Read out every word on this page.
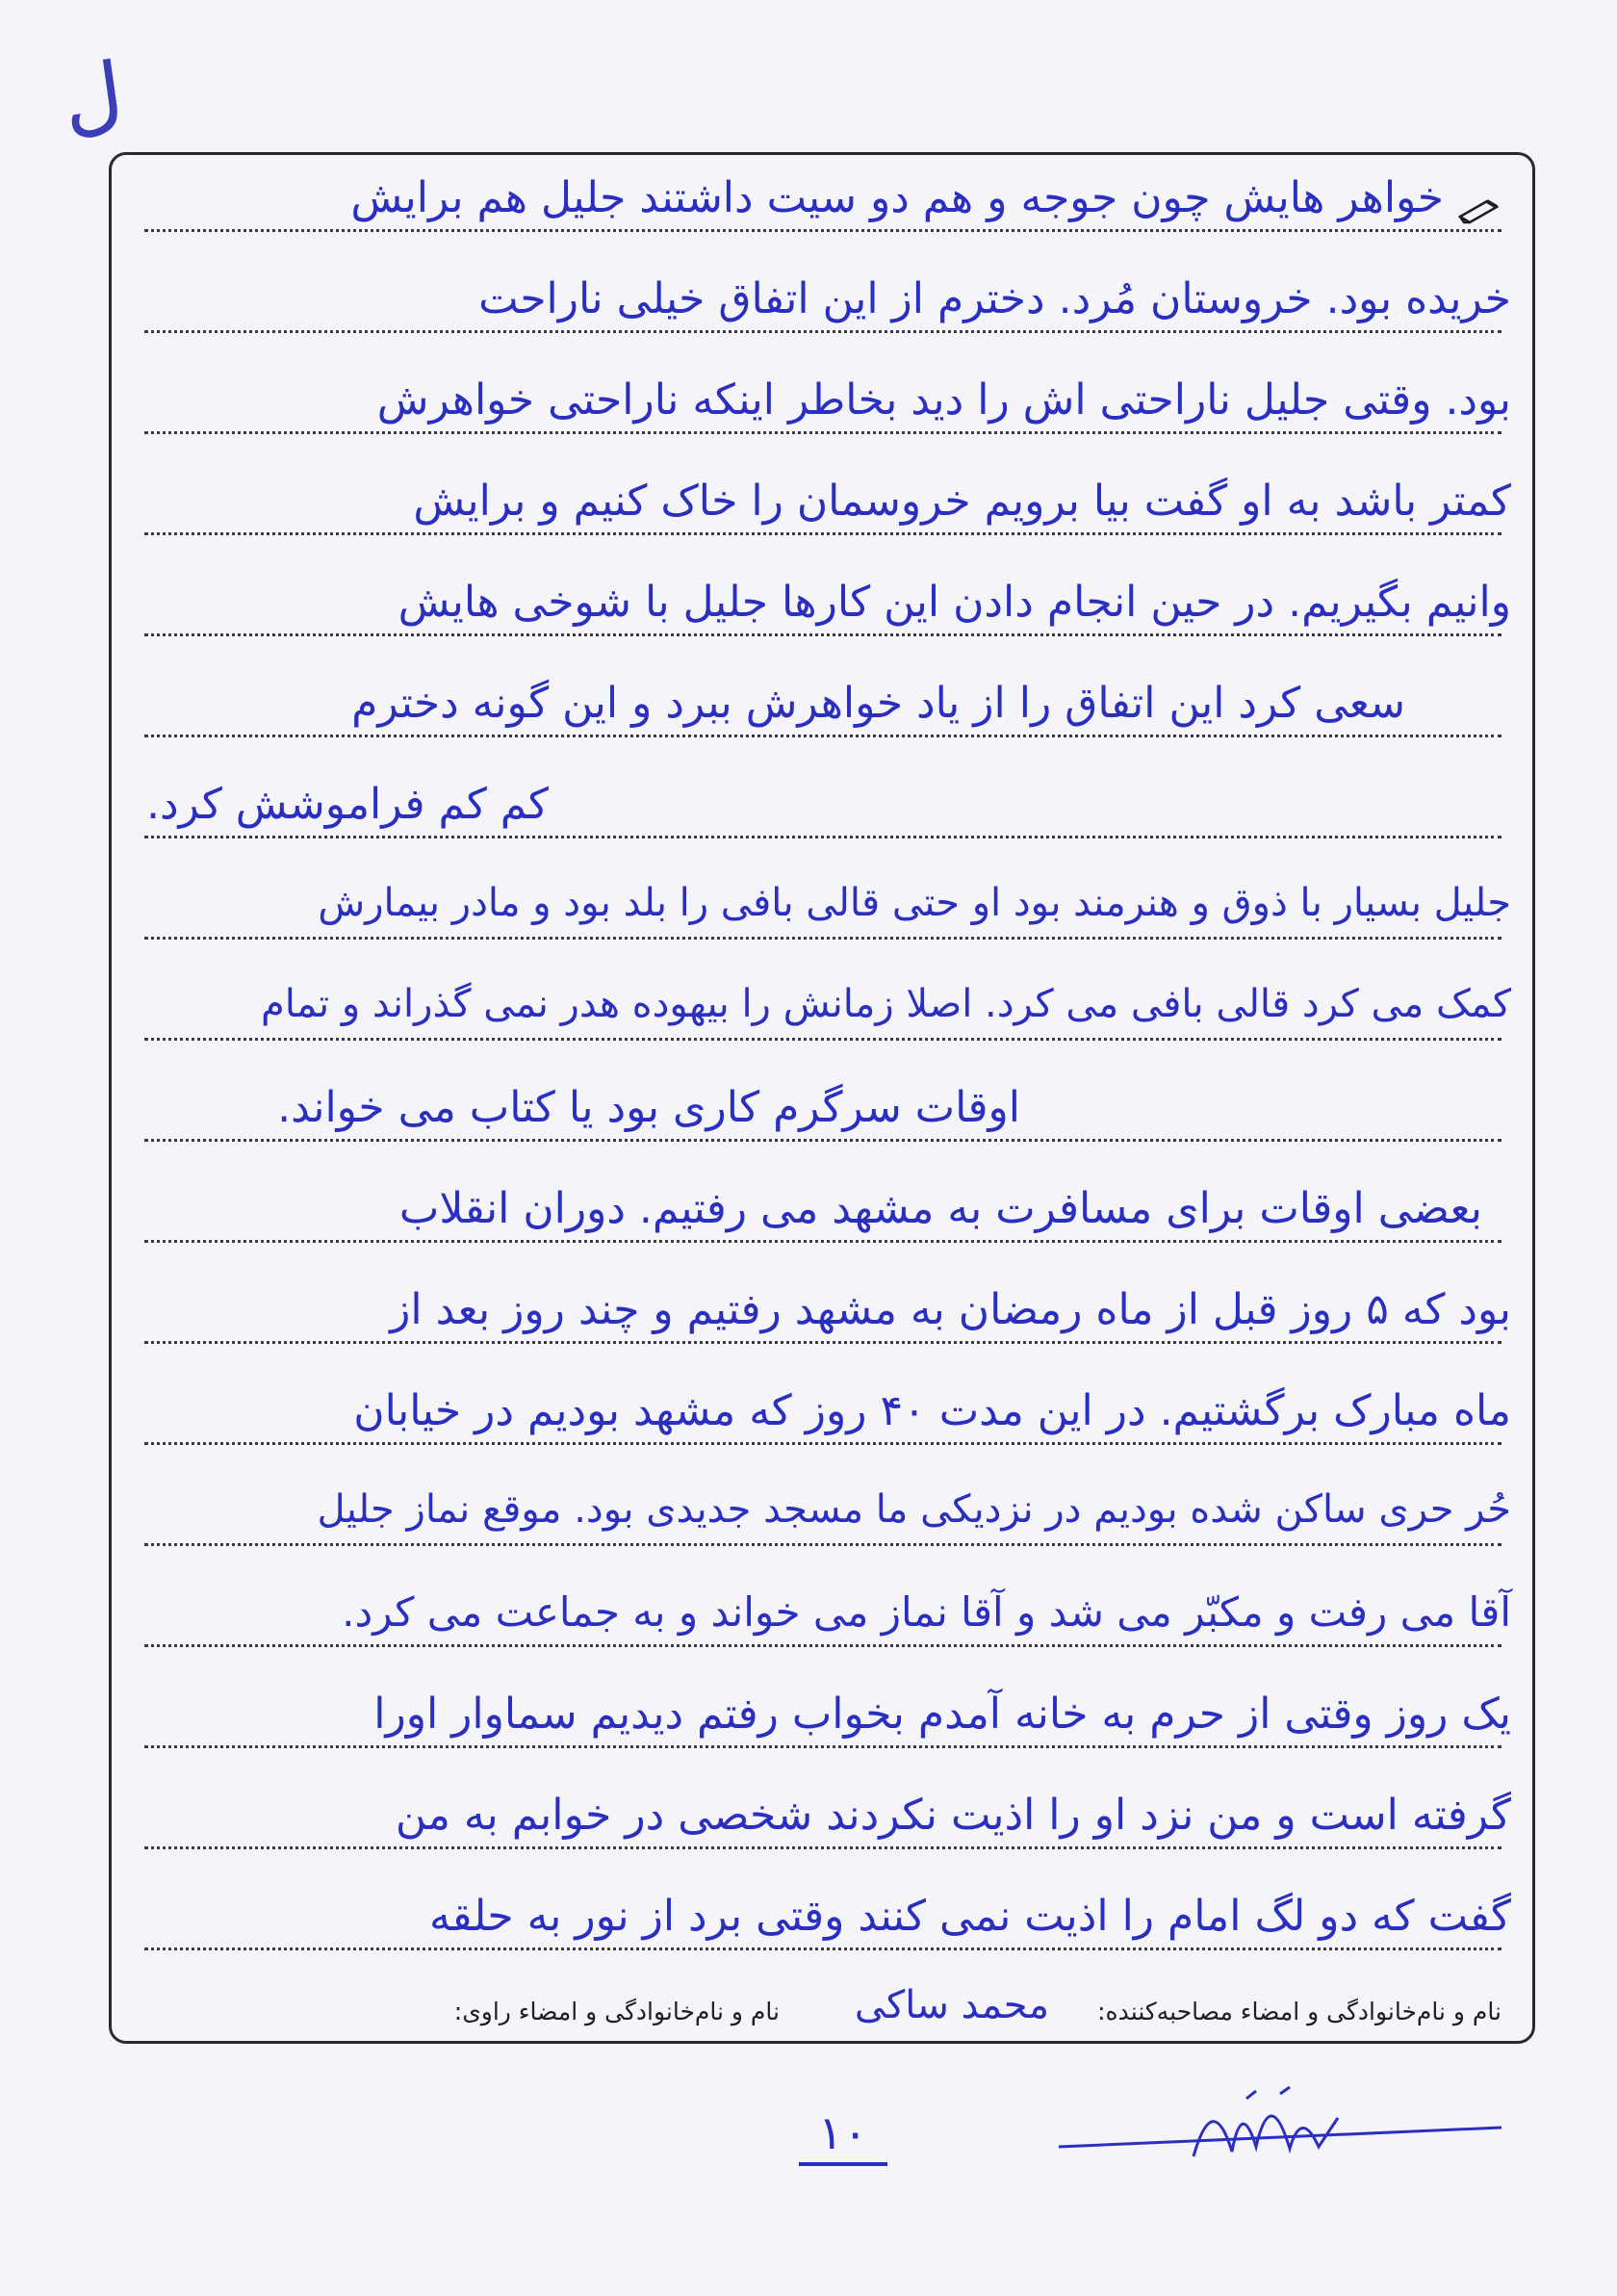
ل
خواهر هایش چون جوجه و هم دو سیت داشتند جلیل هم برایش
خریده بود. خروستان مُرد. دخترم از این اتفاق خیلی ناراحت
بود. وقتی جلیل ناراحتی اش را دید بخاطر اینکه ناراحتی خواهرش
کمتر باشد به او گفت بیا برویم خروسمان را خاک کنیم و برایش
وانیم بگیریم. در حین انجام دادن این کارها جلیل با شوخی هایش
سعی کرد این اتفاق را از یاد خواهرش ببرد و این گونه دخترم
کم کم فراموشش کرد.
جلیل بسیار با ذوق و هنرمند بود او حتی قالی بافی را بلد بود و مادر بیمارش
کمک می کرد قالی بافی می کرد. اصلا زمانش را بیهوده هدر نمی گذراند و تمام
اوقات سرگرم کاری بود یا کتاب می خواند.
بعضی اوقات برای مسافرت به مشهد می رفتیم. دوران انقلاب
بود که ۵ روز قبل از ماه رمضان به مشهد رفتیم و چند روز بعد از
ماه مبارک برگشتیم. در این مدت ۴۰ روز که مشهد بودیم در خیابان
حُر حری ساکن شده بودیم در نزدیکی ما مسجد جدیدی بود. موقع نماز جلیل
آقا می رفت و مکبّر می شد و آقا نماز می خواند و به جماعت می کرد.
یک روز وقتی از حرم به خانه آمدم بخواب رفتم دیدیم سماوار اورا
گرفته است و من نزد او را اذیت نکردند شخصی در خوابم به من
گفت که دو لگ امام را اذیت نمی کنند وقتی برد از نور به حلقه
نام و نام‌خانوادگی و امضاء مصاحبه‌کننده:
محمد ساکی
نام و نام‌خانوادگی و امضاء راوی:
۱۰
